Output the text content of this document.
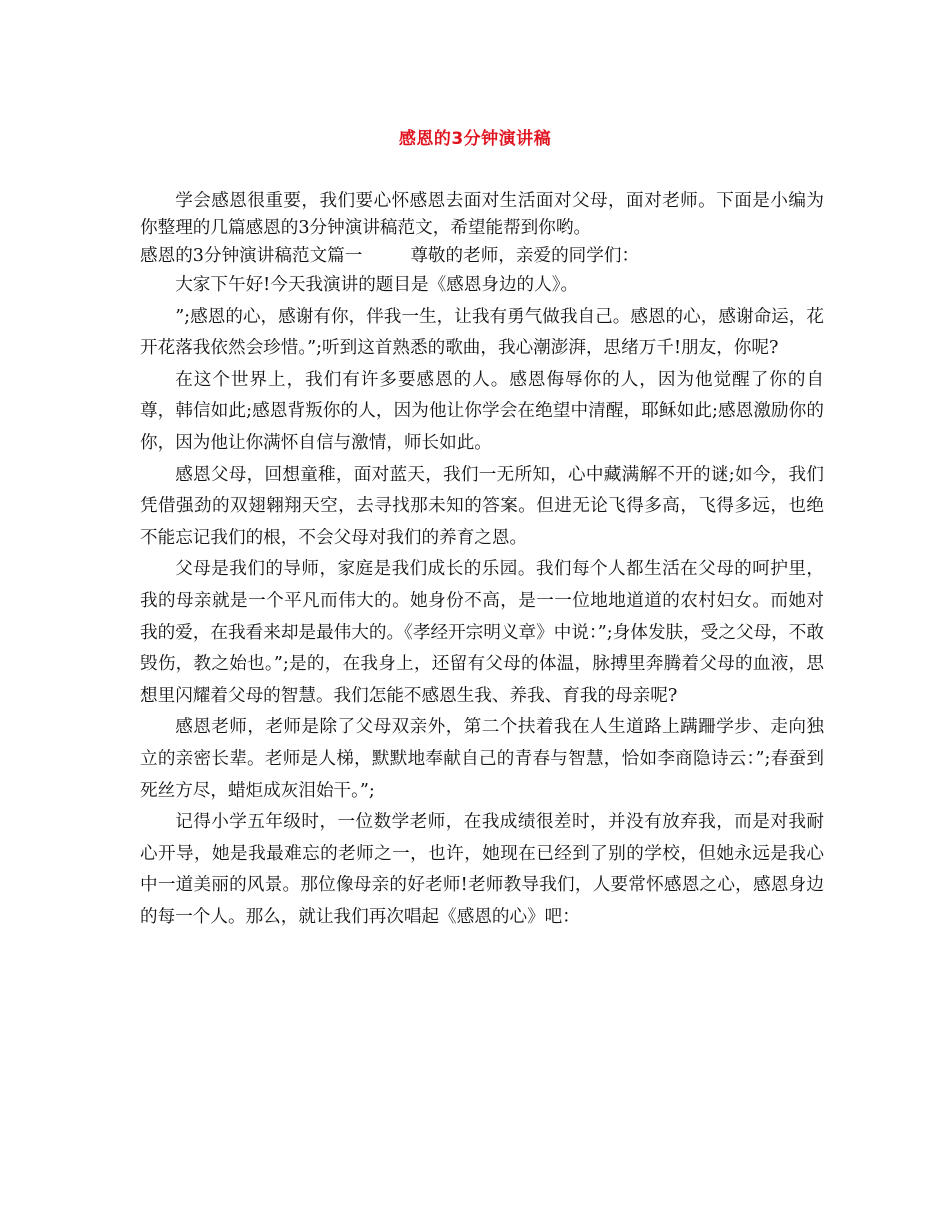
感恩的3分钟演讲稿

学会感恩很重要，我们要心怀感恩去面对生活面对父母，面对老师。下面是小编为你整理的几篇感恩的3分钟演讲稿范文，希望能帮到你哟。

感恩的3分钟演讲稿范文篇一	尊敬的老师，亲爱的同学们：

大家下午好!今天我演讲的题目是《感恩身边的人》。

”;感恩的心，感谢有你，伴我一生，让我有勇气做我自己。感恩的心，感谢命运，花开花落我依然会珍惜。”;听到这首熟悉的歌曲，我心潮澎湃，思绪万千!朋友，你呢?

在这个世界上，我们有许多要感恩的人。感恩侮辱你的人，因为他觉醒了你的自尊，韩信如此;感恩背叛你的人，因为他让你学会在绝望中清醒，耶稣如此;感恩激励你的你，因为他让你满怀自信与激情，师长如此。

感恩父母，回想童稚，面对蓝天，我们一无所知，心中藏满解不开的谜;如今，我们凭借强劲的双翅翱翔天空，去寻找那未知的答案。但进无论飞得多高，飞得多远，也绝不能忘记我们的根，不会父母对我们的养育之恩。

父母是我们的导师，家庭是我们成长的乐园。我们每个人都生活在父母的呵护里，我的母亲就是一个平凡而伟大的。她身份不高，是一一位地地道道的农村妇女。而她对我的爱，在我看来却是最伟大的。《孝经开宗明义章》中说：”;身体发肤，受之父母，不敢毁伤，教之始也。”;是的，在我身上，还留有父母的体温，脉搏里奔腾着父母的血液，思想里闪耀着父母的智慧。我们怎能不感恩生我、养我、育我的母亲呢?

感恩老师，老师是除了父母双亲外，第二个扶着我在人生道路上蹒跚学步、走向独立的亲密长辈。老师是人梯，默默地奉献自己的青春与智慧，恰如李商隐诗云：”;春蚕到死丝方尽，蜡炬成灰泪始干。”;

记得小学五年级时，一位数学老师，在我成绩很差时，并没有放弃我，而是对我耐心开导，她是我最难忘的老师之一，也许，她现在已经到了别的学校，但她永远是我心中一道美丽的风景。那位像母亲的好老师!老师教导我们，人要常怀感恩之心，感恩身边的每一个人。那么，就让我们再次唱起《感恩的心》吧：
